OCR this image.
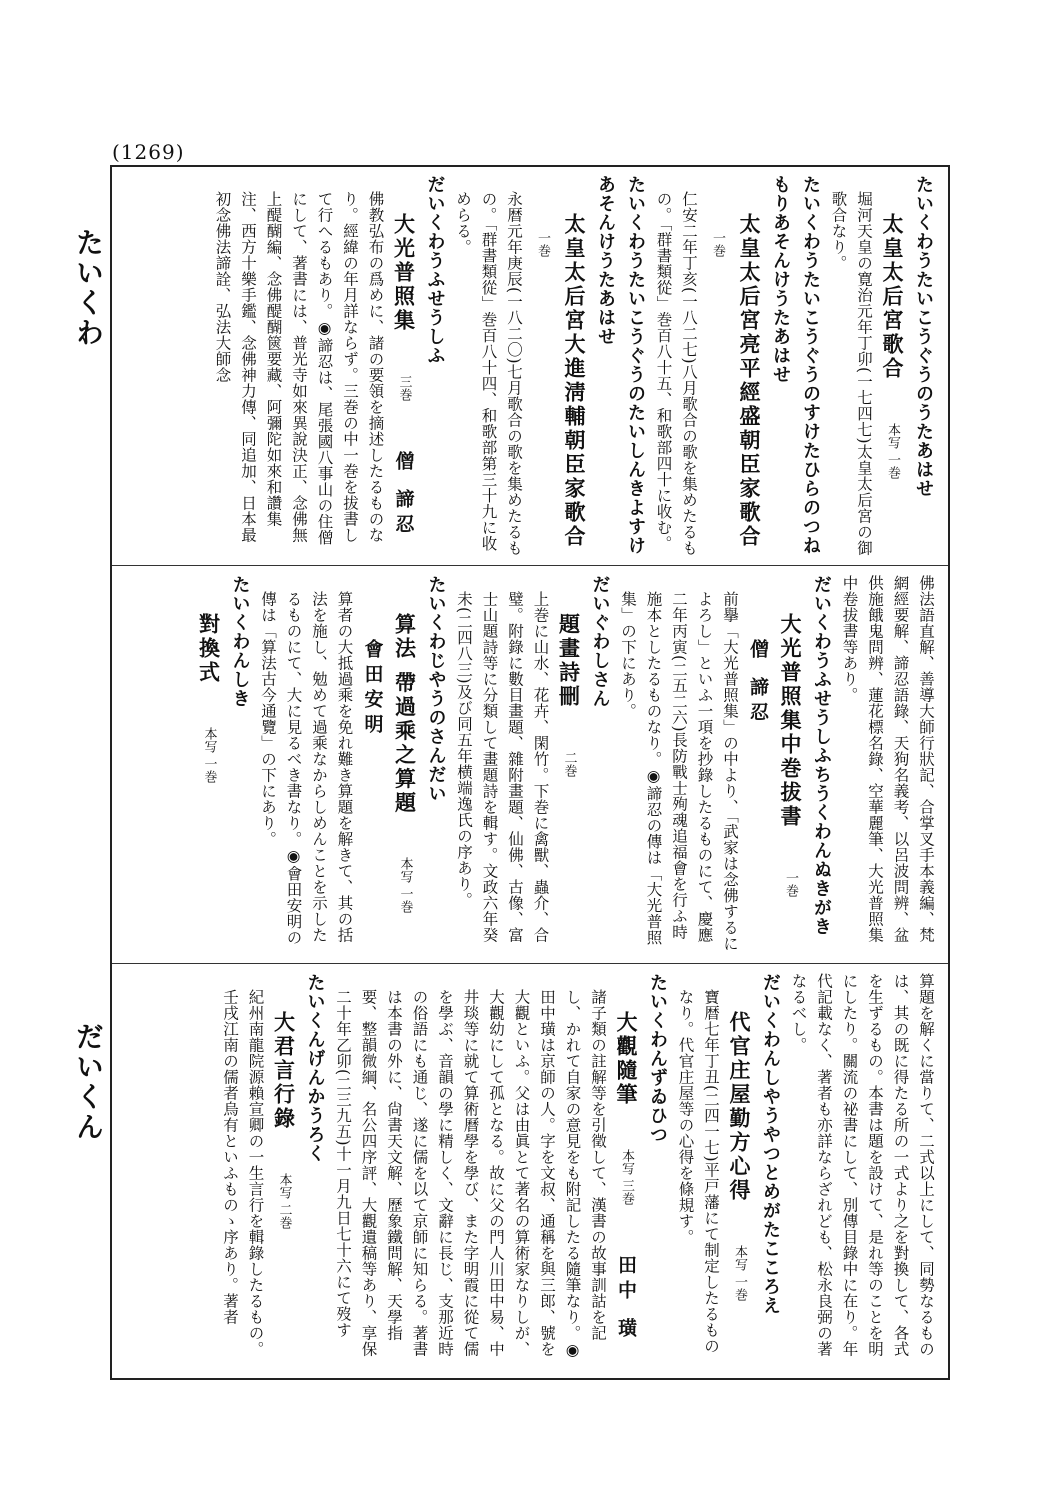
(1269)
たいくわ
だいくん

たいくわうたいこうぐうのうたあはせ

太皇太后宮歌合　本写 一巻

堀河天皇の寛治元年丁卯(一七四七)太皇太后宮の御歌合なり。

たいくわうたいこうぐうのすけたひらのつねもりあそんけうたあはせ

太皇太后宮亮平經盛朝臣家歌合　一巻

仁安二年丁亥(一八二七)八月歌合の歌を集めたるもの。「群書類從」巻百八十五、和歌部四十に收む。

たいくわうたいこうぐうのたいしんきよすけあそんけうたあはせ

太皇太后宮大進淸輔朝臣家歌合　一巻

永暦元年庚辰(一八二〇)七月歌合の歌を集めたるもの。「群書類從」巻百八十四、和歌部第三十九に收めらる。

だいくわうふせうしふ

大光普照集　三巻　僧 諦忍

佛教弘布の爲めに、諸の要領を摘述したるものなり。經緯の年月詳ならず。三巻の中一巻を拔書して行へるもあり。◉諦忍は、尾張國八事山の住僧にして、著書には、普光寺如來異說決正、念佛無上醍醐編、念佛醍醐篋要藏、阿彌陀如來和讚集注、西方十樂手鑑、念佛神力傳、同追加、日本最初念佛法諦詮、弘法大師念

佛法語直解、善導大師行狀記、合掌叉手本義編、梵網經要解、諦忍語錄、天狗名義考、以呂波問辨、盆供施餓鬼問辨、蓮花標名錄、空華麗筆、大光普照集中卷拔書等あり。

だいくわうふせうしふちうくわんぬきがき

大光普照集中巻拔書　一巻　僧 諦忍

前擧「大光普照集」の中より、「武家は念佛するによろし」といふ一項を抄錄したるものにて、慶應二年丙寅(二五二六)長防戰士殉魂追福會を行ふ時施本としたるものなり。◉諦忍の傳は「大光普照集」の下にあり。

だいぐわしさん

題畫詩刪　二巻

上巻に山水、花卉、閑竹。下巻に禽獸、蟲介、合璧。附錄に數目畫題、雜附畫題、仙佛、古像、富士山題詩等に分類して畫題詩を輯す。文政六年癸未(二四八三)及び同五年横端逸氏の序あり。

たいくわじやうのさんだい

算法 帶過乘之算題　本写 一巻　會田安明

算者の大抵過乘を免れ難き算題を解きて、其の括法を施し、勉めて過乘なからしめんことを示したるものにて、大に見るべき書なり。◉會田安明の傳は「算法古今通覽」の下にあり。

たいくわんしき

對換式　本写 一巻

算題を解くに當りて、二式以上にして、同勢なるものは、其の既に得たる所の一式より之を對換して、各式を生ずるもの。本書は題を設けて、是れ等のことを明にしたり。關流の祕書にして、別傳目錄中に在り。年代記載なく、著者も亦詳ならざれども、松永良弼の著なるべし。

だいくわんしやうやつとめがたこころえ

代官庄屋勤方心得　本写 一巻

寶暦七年丁丑(二四一七)平戸藩にて制定したるものなり。代官庄屋等の心得を條規す。

たいくわんずゐひつ

大觀隨筆　本写 三巻　田中 璜

諸子類の註解等を引徵して、漢書の故事訓詁を記し、かれて自家の意見をも附記したる隨筆なり。◉田中璜は京師の人。字を文叔、通稱を與三郎、號を大觀といふ。父は由眞とて著名の算術家なりしが、大觀幼にして孤となる。故に父の門人川田中易、中井琰等に就て算術曆學を學び、また字明霞に從て儒を學ぶ、音韻の學に精しく、文辭に長じ、支那近時の俗語にも通じ、遂に儒を以て京師に知らる。著書は本書の外に、尙書天文解、歷象鐵問解、天學指要、整韻微綱、名公四序評、大觀遺稿等あり、享保二十年乙卯(二三九五)十一月九日七十六にて歿す

たいくんげんかうろく

大君言行錄　本写 二巻

紀州南龍院源賴宣卿の一生言行を輯錄したるもの。壬戌江南の儒者烏有といふものゝ序あり。著者
